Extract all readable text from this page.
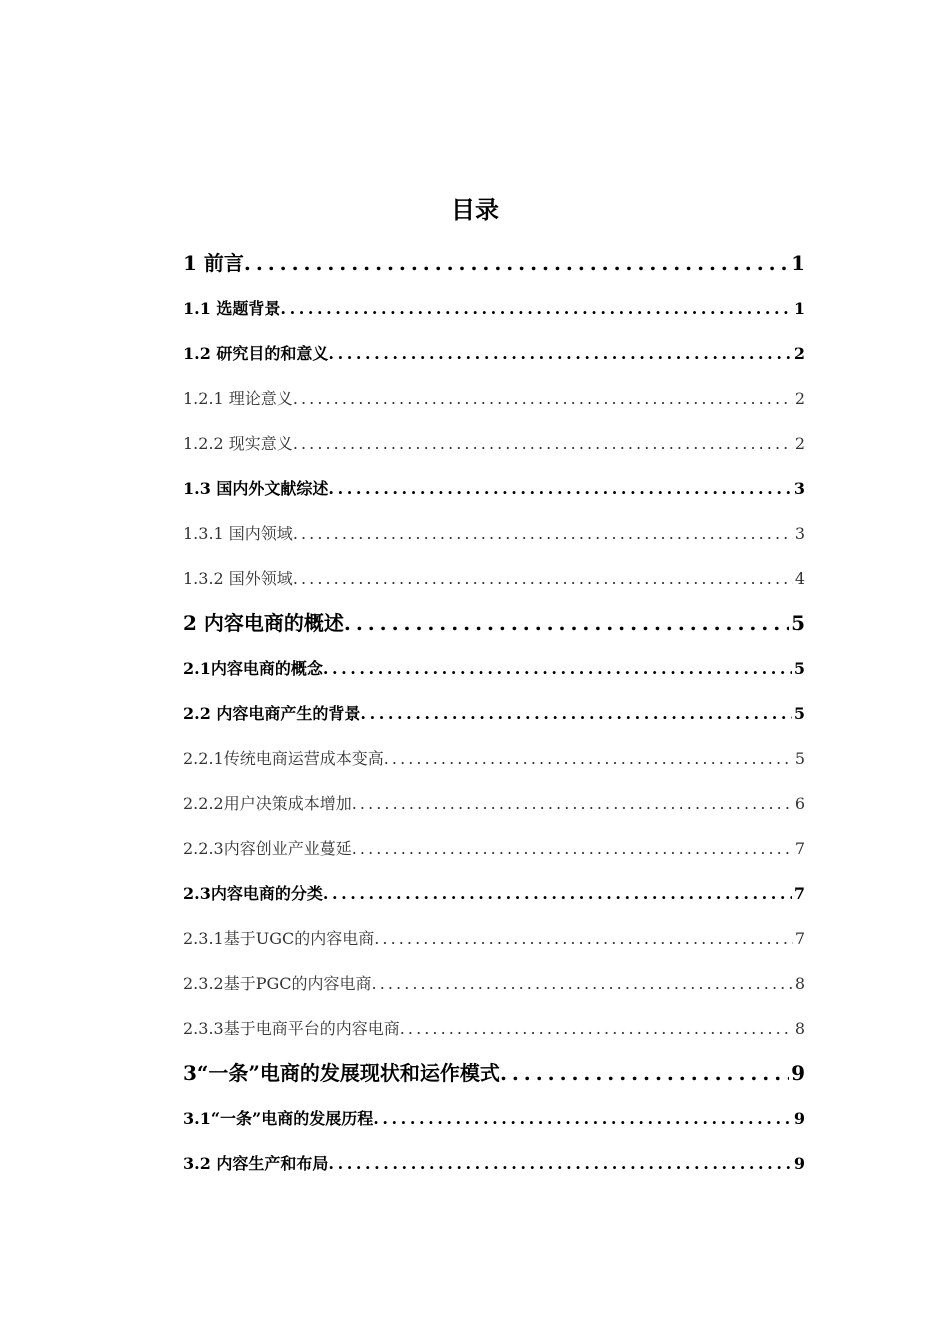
目录
1 前言 . . .	1
1.1 选题背景 . . .	1
1.2 研究目的和意义 . . .	2
1.2.1 理论意义 . . .	2
1.2.2 现实意义 . . .	2
1.3 国内外文献综述 . . .	3
1.3.1 国内领域 . . .	3
1.3.2 国外领域 . . .	4
2 内容电商的概述 . . .	5
2.1内容电商的概念 . . .	5
2.2 内容电商产生的背景 . . .	5
2.2.1传统电商运营成本变高 . . .	5
2.2.2用户决策成本增加 . . .	6
2.2.3内容创业产业蔓延 . . .	7
2.3内容电商的分类 . . .	7
2.3.1基于UGC的内容电商 . . .	7
2.3.2基于PGC的内容电商 . . .	8
2.3.3基于电商平台的内容电商 . . .	8
3“一条”电商的发展现状和运作模式 . . .	9
3.1“一条”电商的发展历程 . . .	9
3.2 内容生产和布局 . . .	9
